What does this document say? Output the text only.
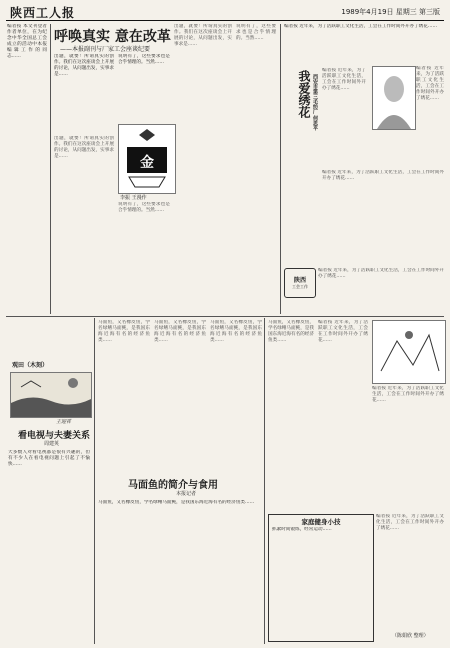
陕西工人报	1989年4月19日 星期三 第三版
编者按 本文刊登者作者单位，在为纪念中华全国总工会成立的活动中本报编辑工作的同志……
呼唤真实 意在改革
——本报副刊与厂家工会座谈纪要
出题，就要！所谓真实的创作。我们在这次座谈会上开展的讨论，从问题出发，实事求是……
说明有了，这些要求也是合乎情理的。当然……
金
李振 王漫作
出题，就要！所谓真实的创作。我们在这次座谈会上开展的讨论，从问题出发，实事求是……
说明有了，这些要求也是合乎情理的。当然……
出题，就要！所谓真实的创作。我们在这次座谈会上开展的讨论，从问题出发，实事求是……
说明有了，这些要求也是合乎情理的。当然……
编者按 近年来，为了活跃职工文化生活，工会在工作时间外开办了绣花……
我爱绣花 西安市第三毛纺厂 何思平
编者按 近年来，为了活跃职工文化生活，工会在工作时间外开办了绣花……
编者按 近年来，为了活跃职工文化生活，工会在工作时间外开办了绣花……
编者按 近年来，为了活跃职工文化生活，工会在工作时间外开办了绣花……
陕西
工会工作
编者按 近年来，为了活跃职工文化生活，工会在工作时间外开办了绣花……
观田（木刻）
王迎祥
看电视与夫妻关系
周建英
大多数人对看电视都是很有兴趣的，但有不少人在看电视问题上引起了不愉快……
马面鱼，又名橡皮鱼，学名绿鳍马面鲀，是我国东海近海有名的经济鱼类……
马面鱼，又名橡皮鱼，学名绿鳍马面鲀，是我国东海近海有名的经济鱼类……
马面鱼，又名橡皮鱼，学名绿鳍马面鲀，是我国东海近海有名的经济鱼类……
马面鱼的简介与食用
本报记者
马面鱼，又名橡皮鱼，学名绿鳍马面鲀，是我国东海近海有名的经济鱼类……
马面鱼，又名橡皮鱼，学名绿鳍马面鲀，是我国东海近海有名的经济鱼类……
编者按 近年来，为了活跃职工文化生活，工会在工作时间外开办了绣花……
编者按 近年来，为了活跃职工文化生活，工会在工作时间外开办了绣花……
家庭健身小技
抓紧时间锻炼，经常运动……
编者按 近年来，为了活跃职工文化生活，工会在工作时间外开办了绣花……
（陈娟欣 整理）
